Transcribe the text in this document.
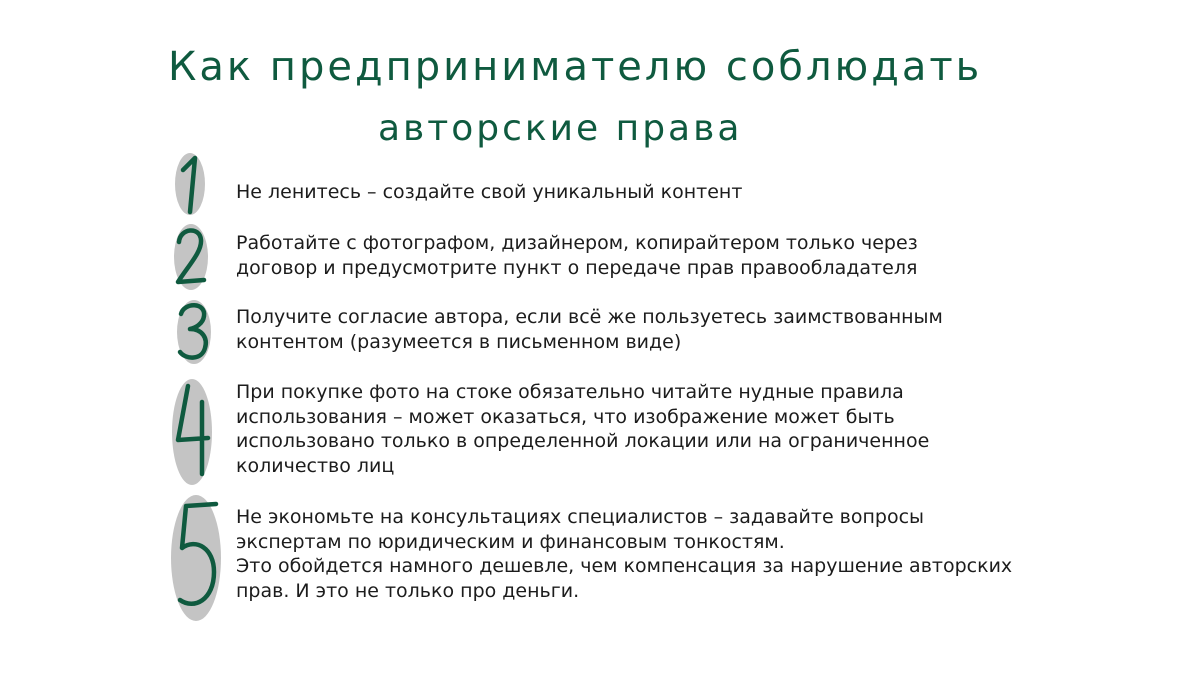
Как предпринимателю соблюдать
авторские права

Не ленитесь – создайте свой уникальный контент

Работайте с фотографом, дизайнером, копирайтером только через
договор и предусмотрите пункт о передаче прав правообладателя

Получите согласие автора, если всё же пользуетесь заимствованным
контентом (разумеется в письменном виде)

При покупке фото на стоке обязательно читайте нудные правила
использования – может оказаться, что изображение может быть
использовано только в определенной локации или на ограниченное
количество лиц

Не экономьте на консультациях специалистов – задавайте вопросы
экспертам по юридическим и финансовым тонкостям.
Это обойдется намного дешевле, чем компенсация за нарушение авторских
прав. И это не только про деньги.
